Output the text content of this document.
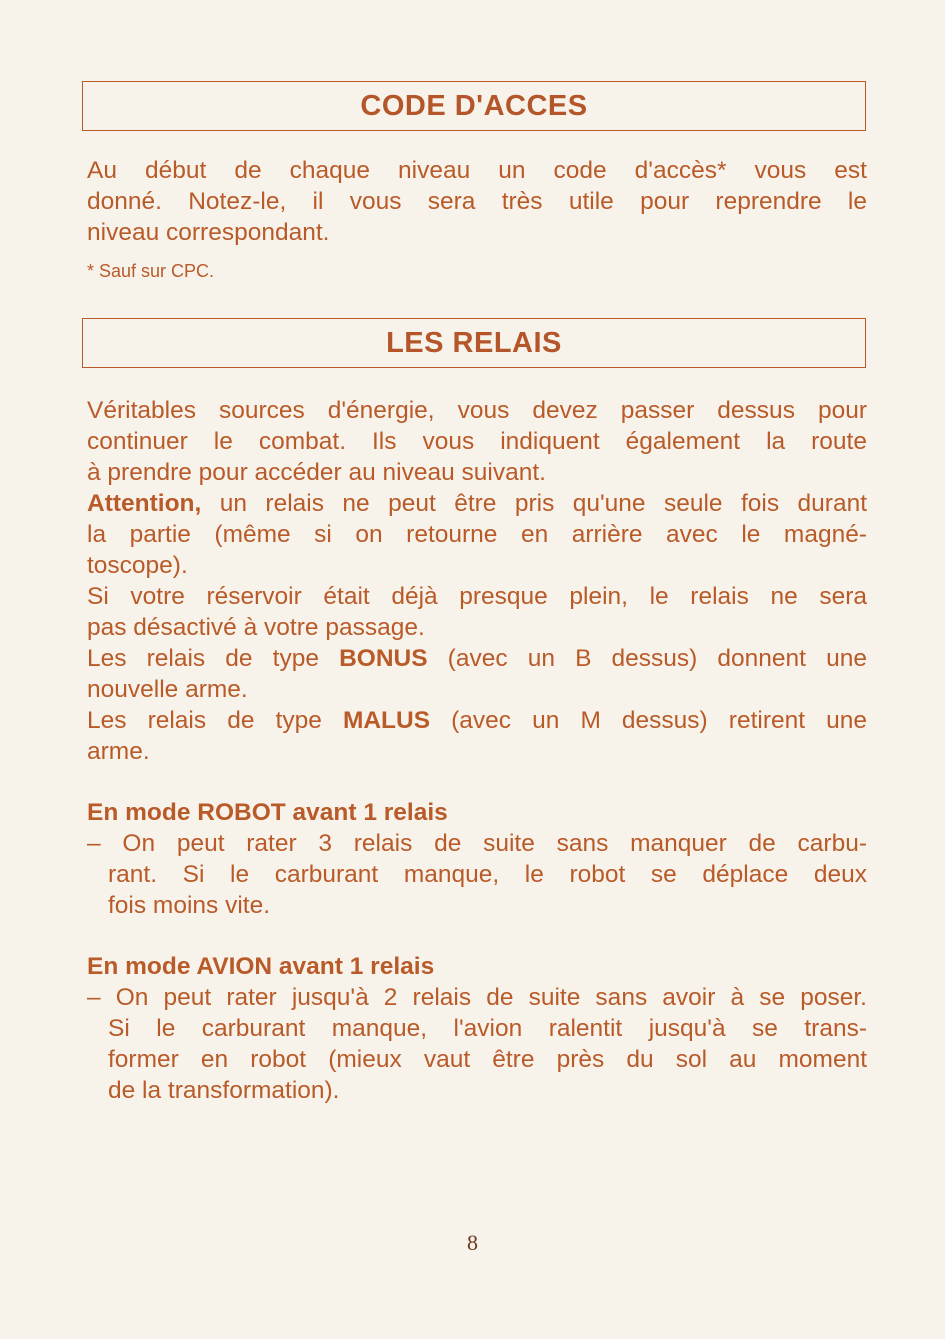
CODE D'ACCES
Au début de chaque niveau un code d'accès* vous est
donné. Notez-le, il vous sera très utile pour reprendre le
niveau correspondant.
* Sauf sur CPC.
LES RELAIS
Véritables sources d'énergie, vous devez passer dessus pour
continuer le combat. Ils vous indiquent également la route
à prendre pour accéder au niveau suivant.
Attention, un relais ne peut être pris qu'une seule fois durant
la partie (même si on retourne en arrière avec le magné-
toscope).
Si votre réservoir était déjà presque plein, le relais ne sera
pas désactivé à votre passage.
Les relais de type BONUS (avec un B dessus) donnent une
nouvelle arme.
Les relais de type MALUS (avec un M dessus) retirent une
arme.
En mode ROBOT avant 1 relais
– On peut rater 3 relais de suite sans manquer de carbu-
rant. Si le carburant manque, le robot se déplace deux
fois moins vite.
En mode AVION avant 1 relais
– On peut rater jusqu'à 2 relais de suite sans avoir à se poser.
Si le carburant manque, l'avion ralentit jusqu'à se trans-
former en robot (mieux vaut être près du sol au moment
de la transformation).
8
